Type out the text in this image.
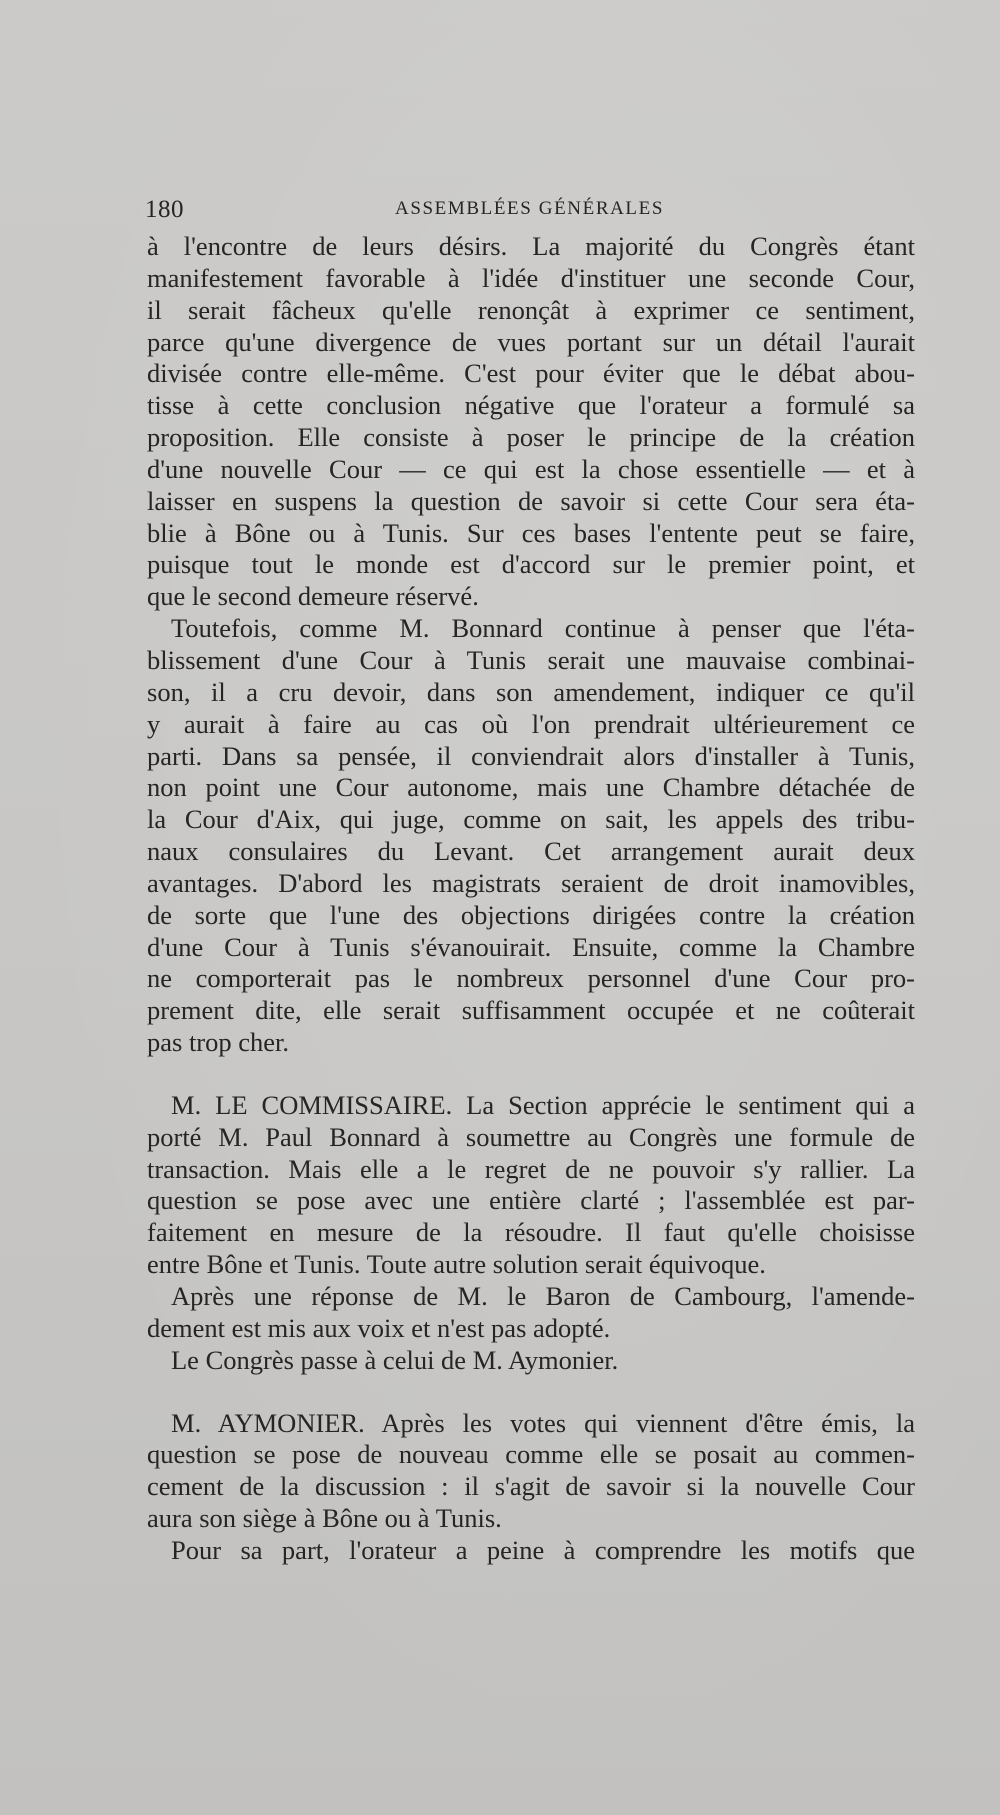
180	ASSEMBLÉES GÉNÉRALES
à l'encontre de leurs désirs. La majorité du Congrès étant
manifestement favorable à l'idée d'instituer une seconde Cour,
il serait fâcheux qu'elle renonçât à exprimer ce sentiment,
parce qu'une divergence de vues portant sur un détail l'aurait
divisée contre elle-même. C'est pour éviter que le débat abou-
tisse à cette conclusion négative que l'orateur a formulé sa
proposition. Elle consiste à poser le principe de la création
d'une nouvelle Cour — ce qui est la chose essentielle — et à
laisser en suspens la question de savoir si cette Cour sera éta-
blie à Bône ou à Tunis. Sur ces bases l'entente peut se faire,
puisque tout le monde est d'accord sur le premier point, et
que le second demeure réservé.
Toutefois, comme M. Bonnard continue à penser que l'éta-
blissement d'une Cour à Tunis serait une mauvaise combinai-
son, il a cru devoir, dans son amendement, indiquer ce qu'il
y aurait à faire au cas où l'on prendrait ultérieurement ce
parti. Dans sa pensée, il conviendrait alors d'installer à Tunis,
non point une Cour autonome, mais une Chambre détachée de
la Cour d'Aix, qui juge, comme on sait, les appels des tribu-
naux consulaires du Levant. Cet arrangement aurait deux
avantages. D'abord les magistrats seraient de droit inamovibles,
de sorte que l'une des objections dirigées contre la création
d'une Cour à Tunis s'évanouirait. Ensuite, comme la Chambre
ne comporterait pas le nombreux personnel d'une Cour pro-
prement dite, elle serait suffisamment occupée et ne coûterait
pas trop cher.
M. LE COMMISSAIRE. La Section apprécie le sentiment qui a
porté M. Paul Bonnard à soumettre au Congrès une formule de
transaction. Mais elle a le regret de ne pouvoir s'y rallier. La
question se pose avec une entière clarté ; l'assemblée est par-
faitement en mesure de la résoudre. Il faut qu'elle choisisse
entre Bône et Tunis. Toute autre solution serait équivoque.
Après une réponse de M. le Baron de Cambourg, l'amende-
dement est mis aux voix et n'est pas adopté.
Le Congrès passe à celui de M. Aymonier.
M. AYMONIER. Après les votes qui viennent d'être émis, la
question se pose de nouveau comme elle se posait au commen-
cement de la discussion : il s'agit de savoir si la nouvelle Cour
aura son siège à Bône ou à Tunis.
Pour sa part, l'orateur a peine à comprendre les motifs que
